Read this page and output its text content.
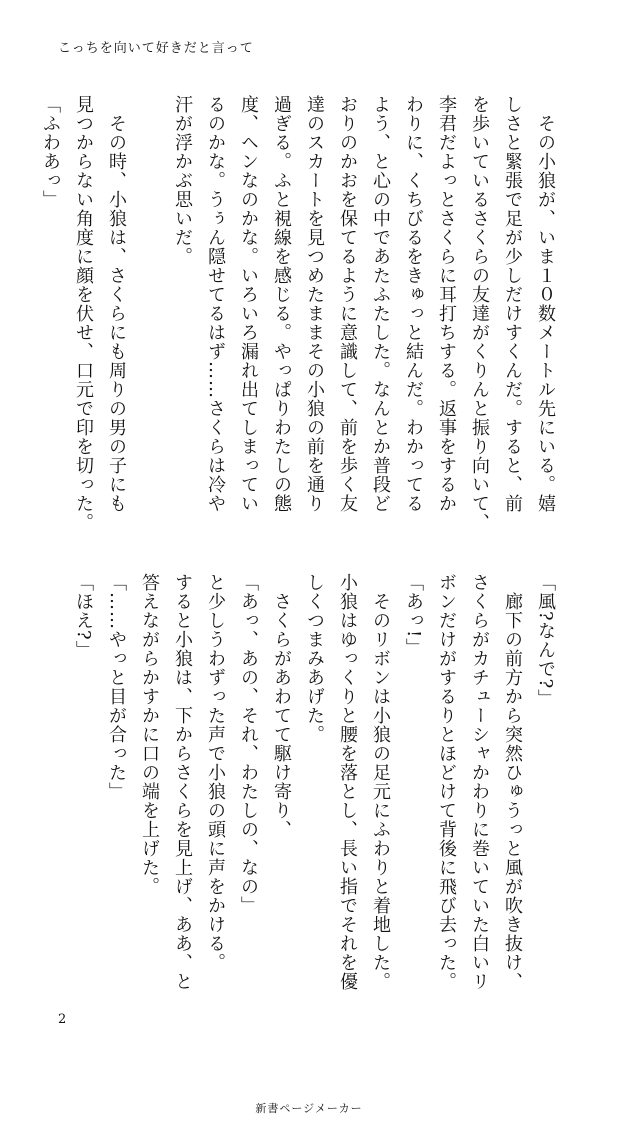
こっちを向いて好きだと言って
　その小狼が、いま１０数メートル先にいる。嬉
しさと緊張で足が少しだけすくんだ。すると、前
を歩いているさくらの友達がくりんと振り向いて、
李君だよっとさくらに耳打ちする。返事をするか
わりに、くちびるをきゅっと結んだ。わかってる
よう、と心の中であたふたした。なんとか普段ど
おりのかおを保てるように意識して、前を歩く友
達のスカートを見つめたままその小狼の前を通り
過ぎる。ふと視線を感じる。やっぱりわたしの態
度、ヘンなのかな。いろいろ漏れ出てしまってい
るのかな。うぅん隠せてるはず……さくらは冷や
汗が浮かぶ思いだ。

　その時、小狼は、さくらにも周りの男の子にも
見つからない角度に顔を伏せ、口元で印を切った。
「ふわあっ」
「風?なんで?」
　廊下の前方から突然ひゅうっと風が吹き抜け、
さくらがカチューシャかわりに巻いていた白いリ
ボンだけがするりとほどけて背後に飛び去った。
「あっ!」
　そのリボンは小狼の足元にふわりと着地した。
小狼はゆっくりと腰を落とし、長い指でそれを優
しくつまみあげた。
　さくらがあわてて駆け寄り、
「あっ、あの、それ、わたしの、なの」
と少しうわずった声で小狼の頭に声をかける。
すると小狼は、下からさくらを見上げ、ああ、と
答えながらかすかに口の端を上げた。
「……やっと目が合った」
「ほえ?」
2
新書ページメーカー
